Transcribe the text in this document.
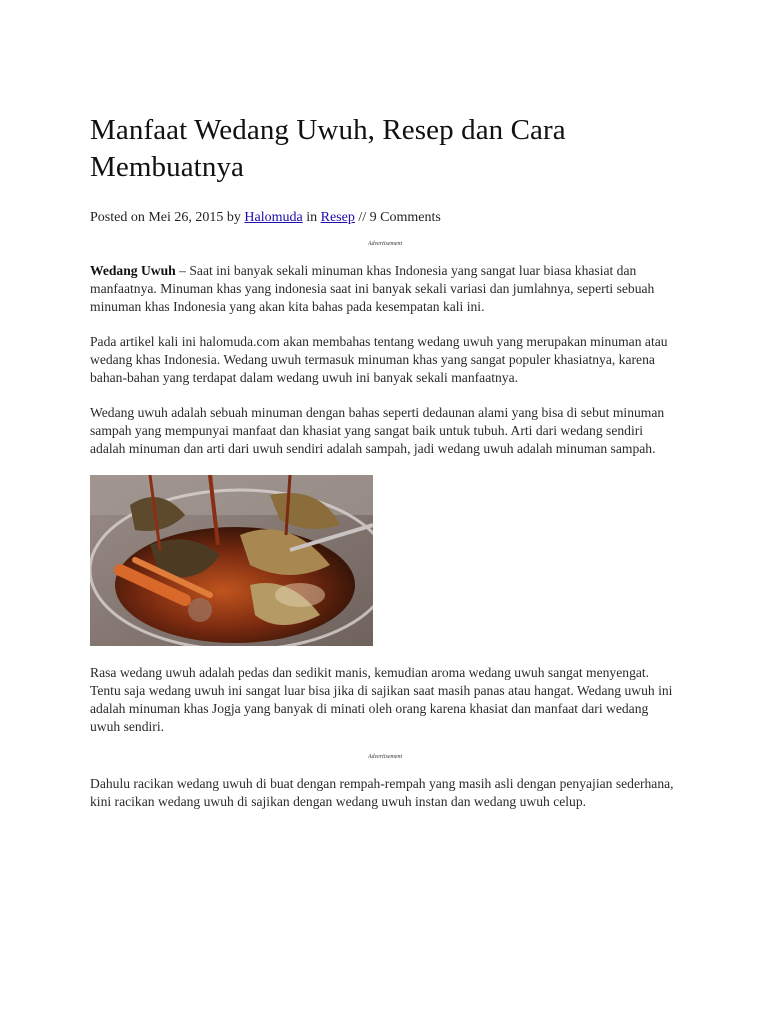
Manfaat Wedang Uwuh, Resep dan Cara Membuatnya
Posted on Mei 26, 2015 by Halomuda in Resep // 9 Comments
Advertisement

Wedang Uwuh – Saat ini banyak sekali minuman khas Indonesia yang sangat luar biasa khasiat dan manfaatnya. Minuman khas yang indonesia saat ini banyak sekali variasi dan jumlahnya, seperti sebuah minuman khas Indonesia yang akan kita bahas pada kesempatan kali ini.

Pada artikel kali ini halomuda.com akan membahas tentang wedang uwuh yang merupakan minuman atau wedang khas Indonesia. Wedang uwuh termasuk minuman khas yang sangat populer khasiatnya, karena bahan-bahan yang terdapat dalam wedang uwuh ini banyak sekali manfaatnya.

Wedang uwuh adalah sebuah minuman dengan bahas seperti dedaunan alami yang bisa di sebut minuman sampah yang mempunyai manfaat dan khasiat yang sangat baik untuk tubuh. Arti dari wedang sendiri adalah minuman dan arti dari uwuh sendiri adalah sampah, jadi wedang uwuh adalah minuman sampah.

Rasa wedang uwuh adalah pedas dan sedikit manis, kemudian aroma wedang uwuh sangat menyengat. Tentu saja wedang uwuh ini sangat luar bisa jika di sajikan saat masih panas atau hangat. Wedang uwuh ini adalah minuman khas Jogja yang banyak di minati oleh orang karena khasiat dan manfaat dari wedang uwuh sendiri.

Advertisement

Dahulu racikan wedang uwuh di buat dengan rempah-rempah yang masih asli dengan penyajian sederhana, kini racikan wedang uwuh di sajikan dengan wedang uwuh instan dan wedang uwuh celup.
